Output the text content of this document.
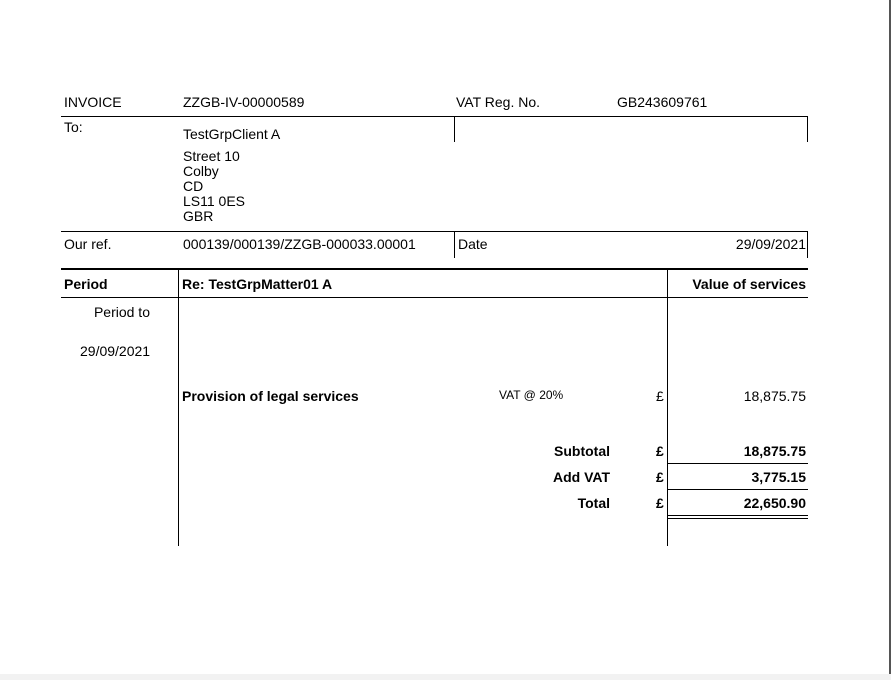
INVOICE	ZZGB-IV-00000589	VAT Reg. No.	GB243609761
To:	TestGrpClient A
Street 10
Colby
CD
LS11 0ES
GBR
Our ref.	000139/000139/ZZGB-000033.00001	Date	29/09/2021
Period	Re: TestGrpMatter01 A	Value of services
Period to
29/09/2021
Provision of legal services	VAT @ 20%	£	18,875.75
Subtotal	£	18,875.75
Add VAT	£	3,775.15
Total	£	22,650.90
